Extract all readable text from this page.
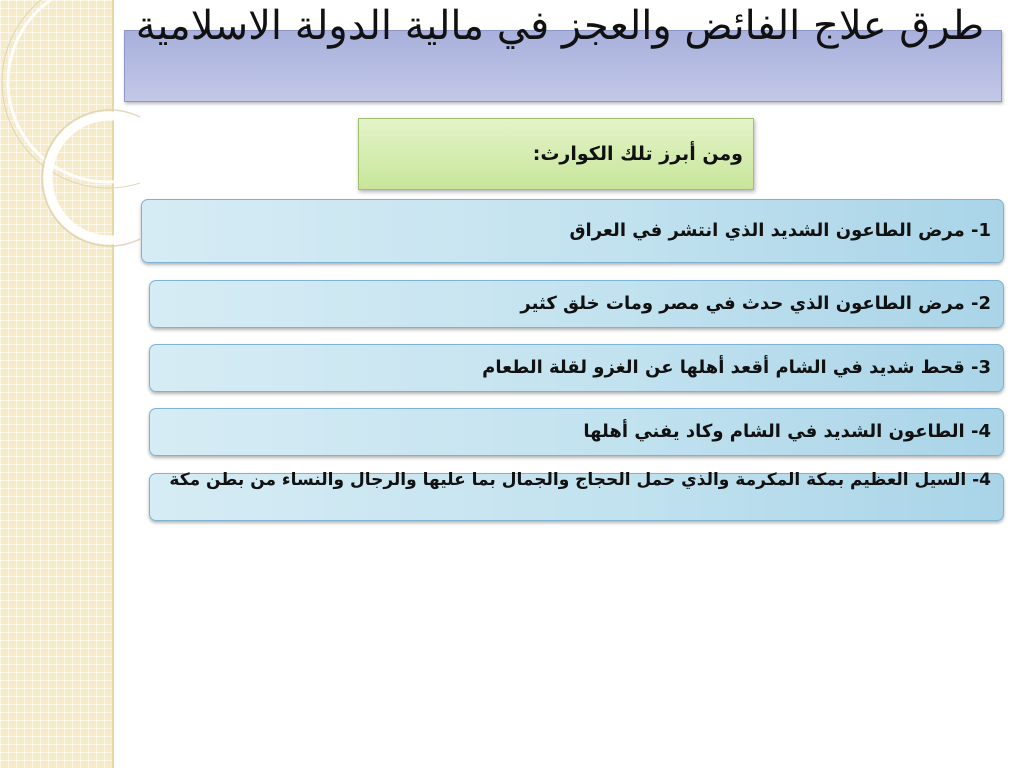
طرق علاج الفائض والعجز في مالية الدولة الاسلامية
ومن أبرز تلك الكوارث:
1- مرض الطاعون الشديد الذي انتشر في العراق
2- مرض الطاعون الذي حدث في مصر ومات خلق كثير
3- قحط شديد في الشام أقعد أهلها عن الغزو لقلة الطعام
4- الطاعون الشديد في الشام وكاد يفني أهلها
4- السيل العظيم بمكة المكرمة والذي حمل الحجاج والجمال بما عليها والرجال والنساء من بطن مكة
